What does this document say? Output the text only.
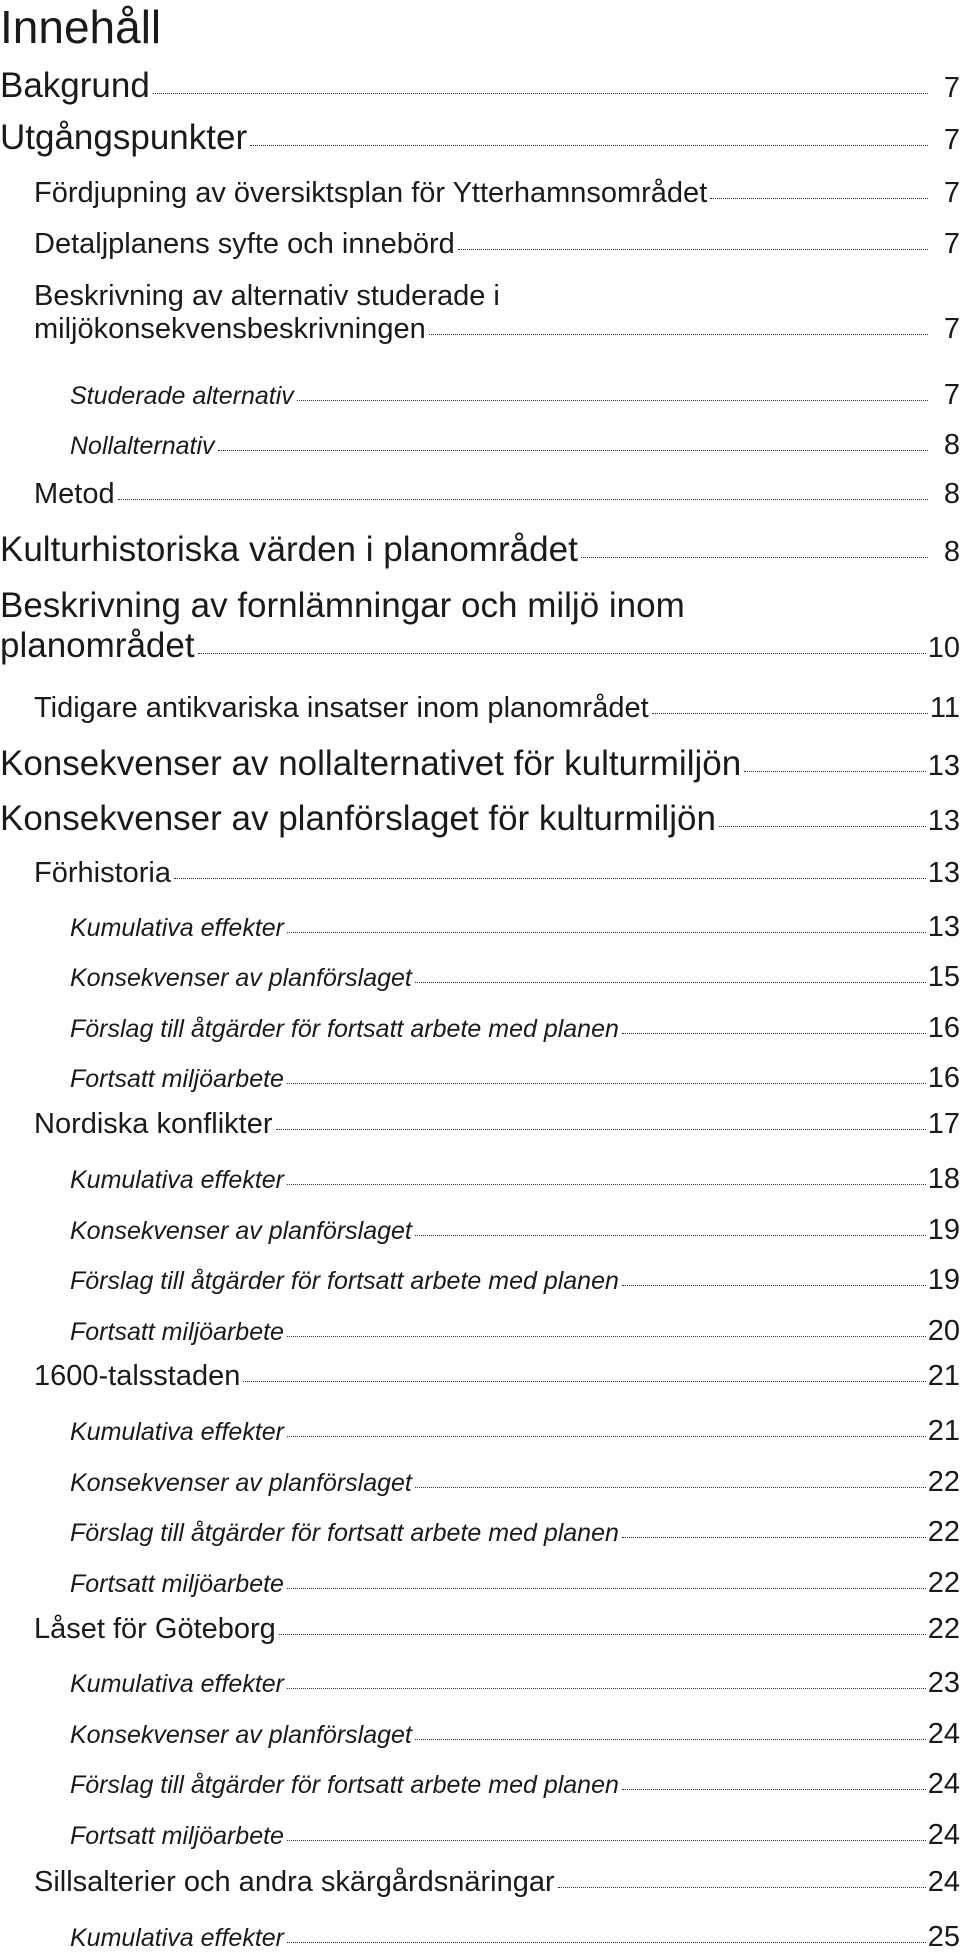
Innehåll
Bakgrund	7
Utgångspunkter	7
Fördjupning av översiktsplan för Ytterhamnsområdet	7
Detaljplanens syfte och innebörd	7
Beskrivning av alternativ studerade i
miljökonsekvensbeskrivningen	7
Studerade alternativ	7
Nollalternativ	8
Metod	8
Kulturhistoriska värden i planområdet	8
Beskrivning av fornlämningar och miljö inom
planområdet	10
Tidigare antikvariska insatser inom planområdet	11
Konsekvenser av nollalternativet för kulturmiljön	13
Konsekvenser av planförslaget för kulturmiljön	13
Förhistoria	13
Kumulativa effekter	13
Konsekvenser av planförslaget	15
Förslag till åtgärder för fortsatt arbete med planen	16
Fortsatt miljöarbete	16
Nordiska konflikter	17
Kumulativa effekter	18
Konsekvenser av planförslaget	19
Förslag till åtgärder för fortsatt arbete med planen	19
Fortsatt miljöarbete	20
1600-talsstaden	21
Kumulativa effekter	21
Konsekvenser av planförslaget	22
Förslag till åtgärder för fortsatt arbete med planen	22
Fortsatt miljöarbete	22
Låset för Göteborg	22
Kumulativa effekter	23
Konsekvenser av planförslaget	24
Förslag till åtgärder för fortsatt arbete med planen	24
Fortsatt miljöarbete	24
Sillsalterier och andra skärgårdsnäringar	24
Kumulativa effekter	25
